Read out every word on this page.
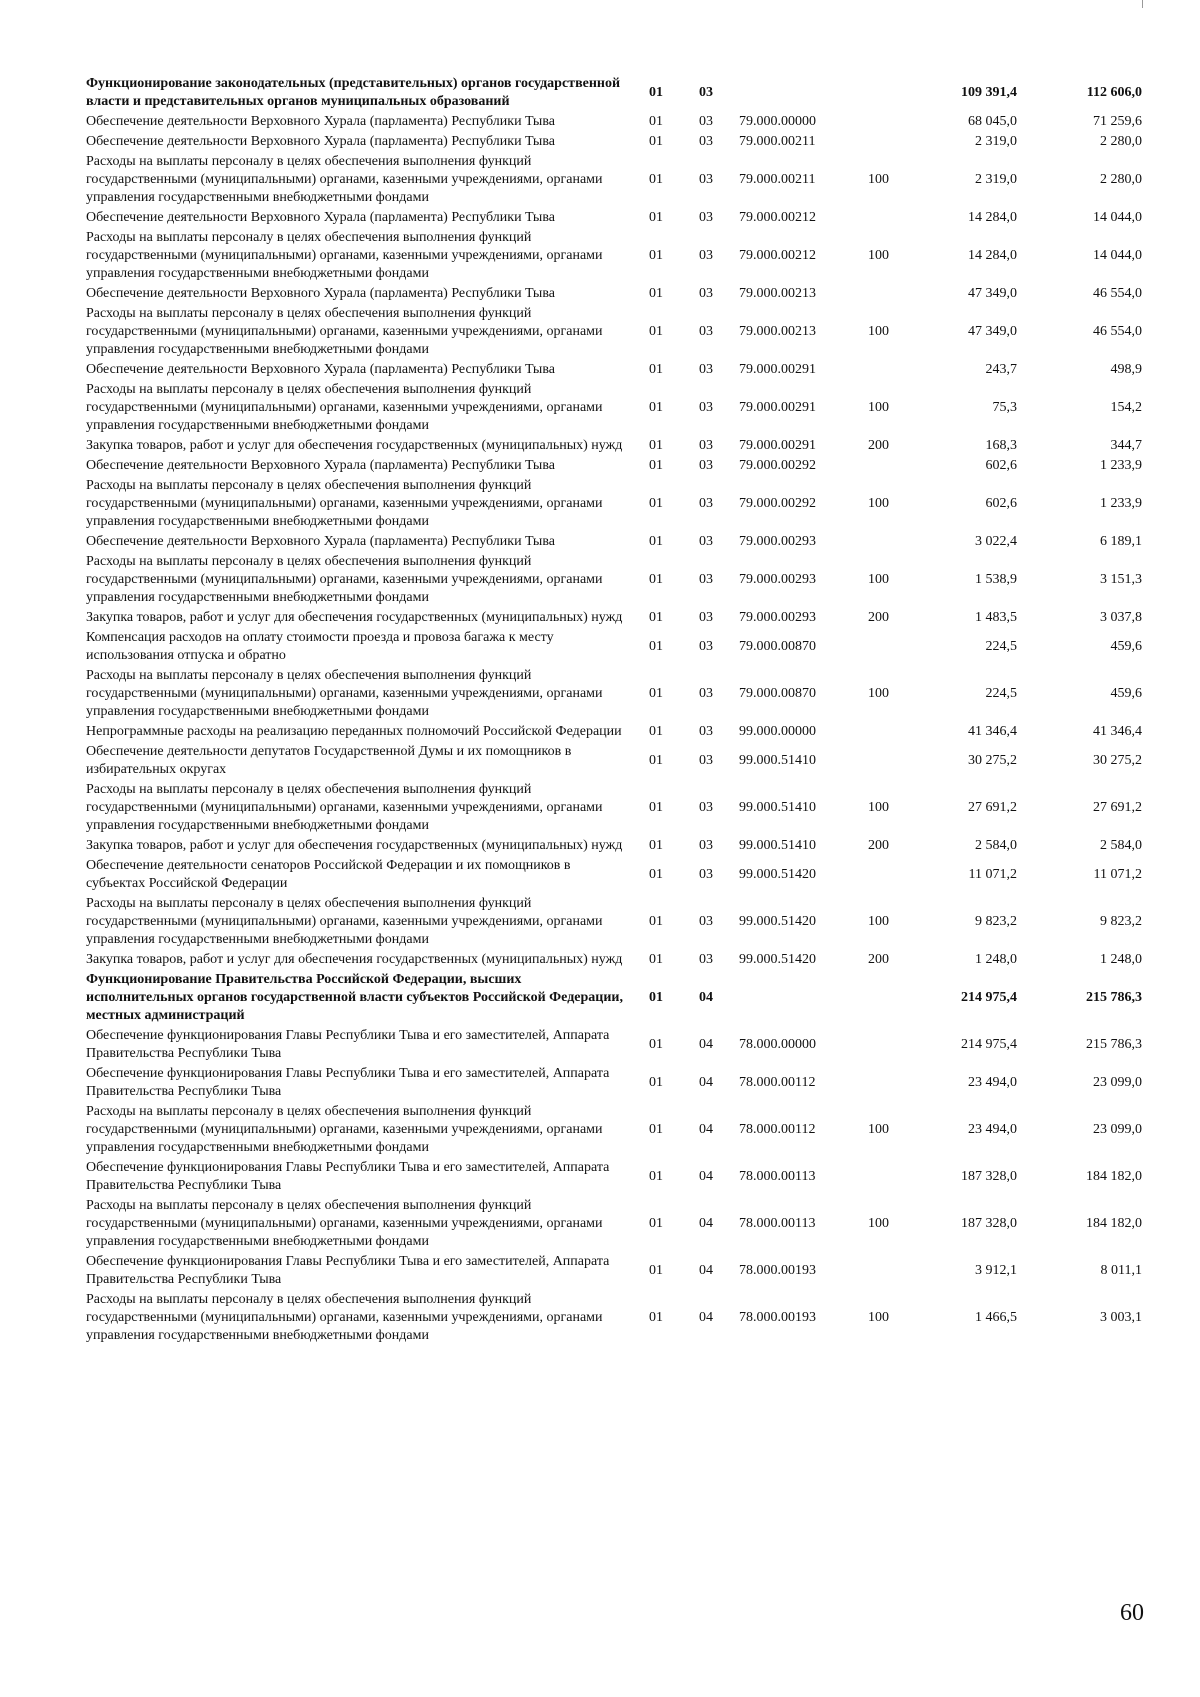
Функционирование законодательных (представительных) органов государственной власти и представительных органов муниципальных образований	01	03			109 391,4	112 606,0
Обеспечение деятельности Верховного Хурала (парламента) Республики Тыва	01	03	79.000.00000		68 045,0	71 259,6
Обеспечение деятельности Верховного Хурала (парламента) Республики Тыва	01	03	79.000.00211		2 319,0	2 280,0
Расходы на выплаты персоналу в целях обеспечения выполнения функций государственными (муниципальными) органами, казенными учреждениями, органами управления государственными внебюджетными фондами	01	03	79.000.00211	100	2 319,0	2 280,0
Обеспечение деятельности Верховного Хурала (парламента) Республики Тыва	01	03	79.000.00212		14 284,0	14 044,0
Расходы на выплаты персоналу в целях обеспечения выполнения функций государственными (муниципальными) органами, казенными учреждениями, органами управления государственными внебюджетными фондами	01	03	79.000.00212	100	14 284,0	14 044,0
Обеспечение деятельности Верховного Хурала (парламента) Республики Тыва	01	03	79.000.00213		47 349,0	46 554,0
Расходы на выплаты персоналу в целях обеспечения выполнения функций государственными (муниципальными) органами, казенными учреждениями, органами управления государственными внебюджетными фондами	01	03	79.000.00213	100	47 349,0	46 554,0
Обеспечение деятельности Верховного Хурала (парламента) Республики Тыва	01	03	79.000.00291		243,7	498,9
Расходы на выплаты персоналу в целях обеспечения выполнения функций государственными (муниципальными) органами, казенными учреждениями, органами управления государственными внебюджетными фондами	01	03	79.000.00291	100	75,3	154,2
Закупка товаров, работ и услуг для обеспечения государственных (муниципальных) нужд	01	03	79.000.00291	200	168,3	344,7
Обеспечение деятельности Верховного Хурала (парламента) Республики Тыва	01	03	79.000.00292		602,6	1 233,9
Расходы на выплаты персоналу в целях обеспечения выполнения функций государственными (муниципальными) органами, казенными учреждениями, органами управления государственными внебюджетными фондами	01	03	79.000.00292	100	602,6	1 233,9
Обеспечение деятельности Верховного Хурала (парламента) Республики Тыва	01	03	79.000.00293		3 022,4	6 189,1
Расходы на выплаты персоналу в целях обеспечения выполнения функций государственными (муниципальными) органами, казенными учреждениями, органами управления государственными внебюджетными фондами	01	03	79.000.00293	100	1 538,9	3 151,3
Закупка товаров, работ и услуг для обеспечения государственных (муниципальных) нужд	01	03	79.000.00293	200	1 483,5	3 037,8
Компенсация расходов на оплату стоимости проезда и провоза багажа к месту использования отпуска и обратно	01	03	79.000.00870		224,5	459,6
Расходы на выплаты персоналу в целях обеспечения выполнения функций государственными (муниципальными) органами, казенными учреждениями, органами управления государственными внебюджетными фондами	01	03	79.000.00870	100	224,5	459,6
Непрограммные расходы на реализацию переданных полномочий Российской Федерации	01	03	99.000.00000		41 346,4	41 346,4
Обеспечение деятельности депутатов Государственной Думы и их помощников в избирательных округах	01	03	99.000.51410		30 275,2	30 275,2
Расходы на выплаты персоналу в целях обеспечения выполнения функций государственными (муниципальными) органами, казенными учреждениями, органами управления государственными внебюджетными фондами	01	03	99.000.51410	100	27 691,2	27 691,2
Закупка товаров, работ и услуг для обеспечения государственных (муниципальных) нужд	01	03	99.000.51410	200	2 584,0	2 584,0
Обеспечение деятельности сенаторов Российской Федерации и их помощников в субъектах Российской Федерации	01	03	99.000.51420		11 071,2	11 071,2
Расходы на выплаты персоналу в целях обеспечения выполнения функций государственными (муниципальными) органами, казенными учреждениями, органами управления государственными внебюджетными фондами	01	03	99.000.51420	100	9 823,2	9 823,2
Закупка товаров, работ и услуг для обеспечения государственных (муниципальных) нужд	01	03	99.000.51420	200	1 248,0	1 248,0
Функционирование Правительства Российской Федерации, высших исполнительных органов государственной власти субъектов Российской Федерации, местных администраций	01	04			214 975,4	215 786,3
Обеспечение функционирования Главы Республики Тыва и его заместителей, Аппарата Правительства Республики Тыва	01	04	78.000.00000		214 975,4	215 786,3
Обеспечение функционирования Главы Республики Тыва и его заместителей, Аппарата Правительства Республики Тыва	01	04	78.000.00112		23 494,0	23 099,0
Расходы на выплаты персоналу в целях обеспечения выполнения функций государственными (муниципальными) органами, казенными учреждениями, органами управления государственными внебюджетными фондами	01	04	78.000.00112	100	23 494,0	23 099,0
Обеспечение функционирования Главы Республики Тыва и его заместителей, Аппарата Правительства Республики Тыва	01	04	78.000.00113		187 328,0	184 182,0
Расходы на выплаты персоналу в целях обеспечения выполнения функций государственными (муниципальными) органами, казенными учреждениями, органами управления государственными внебюджетными фондами	01	04	78.000.00113	100	187 328,0	184 182,0
Обеспечение функционирования Главы Республики Тыва и его заместителей, Аппарата Правительства Республики Тыва	01	04	78.000.00193		3 912,1	8 011,1
Расходы на выплаты персоналу в целях обеспечения выполнения функций государственными (муниципальными) органами, казенными учреждениями, органами управления государственными внебюджетными фондами	01	04	78.000.00193	100	1 466,5	3 003,1
60
